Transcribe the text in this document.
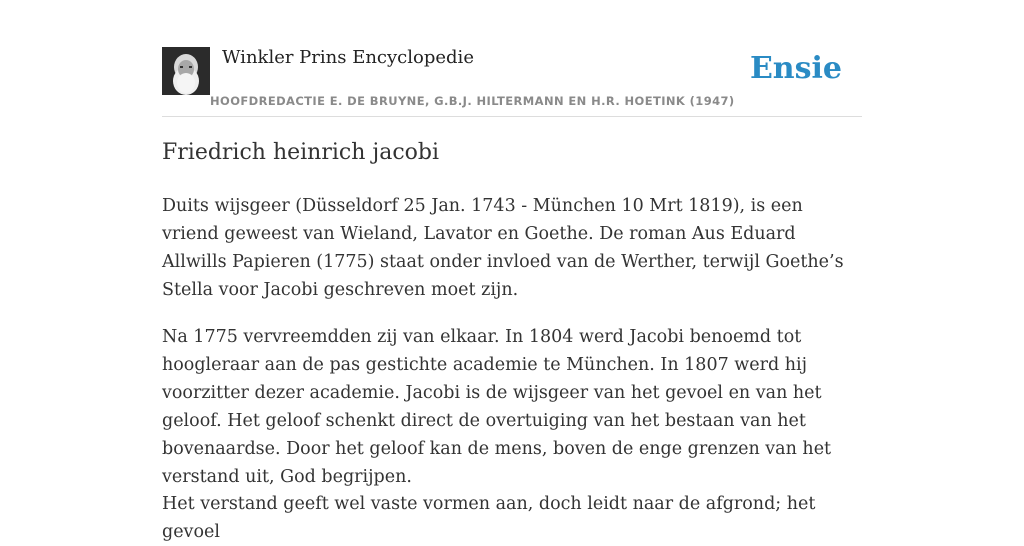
Winkler Prins Encyclopedie
HOOFDREDACTIE E. DE BRUYNE, G.B.J. HILTERMANN EN H.R. HOETINK (1947)
Ensie
Friedrich heinrich jacobi

Duits wijsgeer (Düsseldorf 25 Jan. 1743 - München 10 Mrt 1819), is een vriend geweest van Wieland, Lavator en Goethe. De roman Aus Eduard Allwills Papieren (1775) staat onder invloed van de Werther, terwijl Goethe’s Stella voor Jacobi geschreven moet zijn.

Na 1775 vervreemdden zij van elkaar. In 1804 werd Jacobi benoemd tot hoogleraar aan de pas gestichte academie te München. In 1807 werd hij voorzitter dezer academie. Jacobi is de wijsgeer van het gevoel en van het geloof. Het geloof schenkt direct de overtuiging van het bestaan van het bovenaardse. Door het geloof kan de mens, boven de enge grenzen van het verstand uit, God begrijpen.

Het verstand geeft wel vaste vormen aan, doch leidt naar de afgrond; het gevoel
